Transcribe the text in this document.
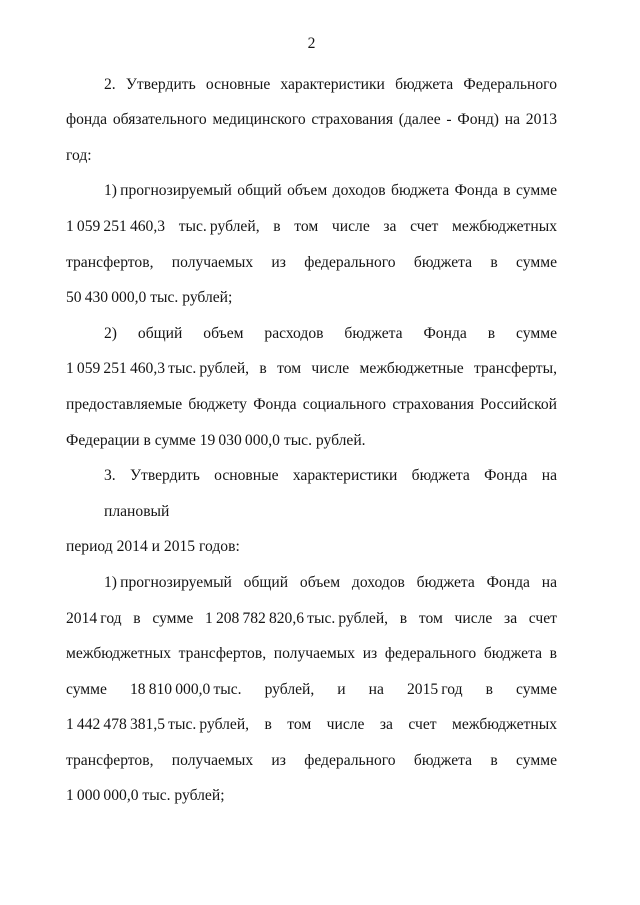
2
2. Утвердить основные характеристики бюджета Федерального
фонда обязательного медицинского страхования (далее - Фонд) на 2013
год:
1) прогнозируемый общий объем доходов бюджета Фонда в сумме
1 059 251 460,3 тыс. рублей, в том числе за счет межбюджетных
трансфертов, получаемых из федерального бюджета в сумме
50 430 000,0 тыс. рублей;
2) общий объем расходов бюджета Фонда в сумме
1 059 251 460,3 тыс. рублей, в том числе межбюджетные трансферты,
предоставляемые бюджету Фонда социального страхования Российской
Федерации в сумме 19 030 000,0 тыс. рублей.
3. Утвердить основные характеристики бюджета Фонда на плановый
период 2014 и 2015 годов:
1) прогнозируемый общий объем доходов бюджета Фонда на
2014 год в сумме 1 208 782 820,6 тыс. рублей, в том числе за счет
межбюджетных трансфертов, получаемых из федерального бюджета в
сумме 18 810 000,0 тыс. рублей, и на 2015 год в сумме
1 442 478 381,5 тыс. рублей, в том числе за счет межбюджетных
трансфертов, получаемых из федерального бюджета в сумме
1 000 000,0 тыс. рублей;
